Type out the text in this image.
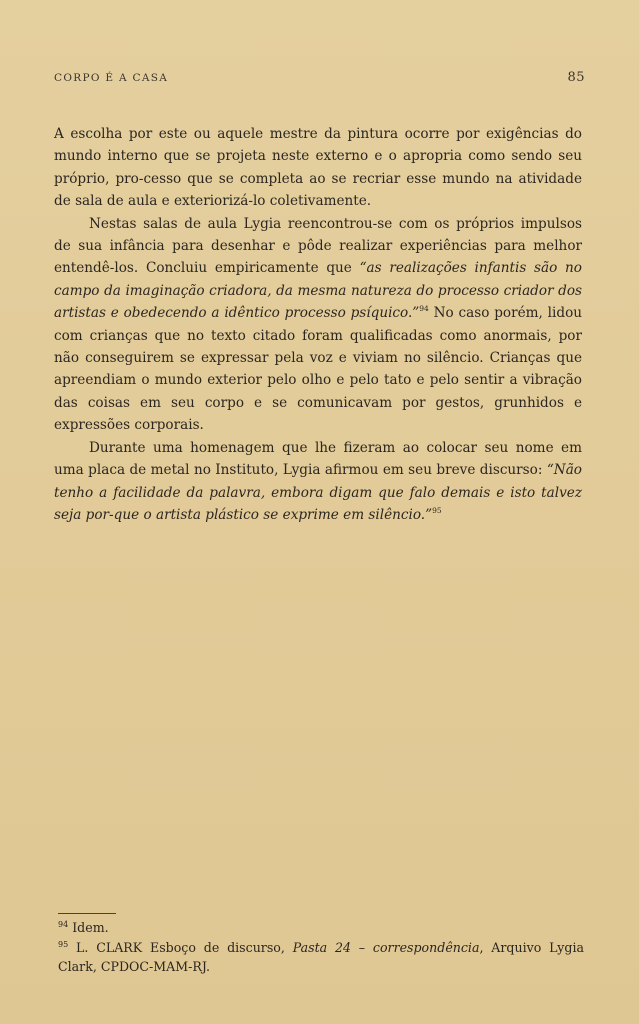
CORPO É A CASA	85

A escolha por este ou aquele mestre da pintura ocorre por exigências do mundo interno que se projeta neste externo e o apropria como sendo seu próprio, pro-cesso que se completa ao se recriar esse mundo na atividade de sala de aula e exteriorizá-lo coletivamente.

Nestas salas de aula Lygia reencontrou-se com os próprios impulsos de sua infância para desenhar e pôde realizar experiências para melhor entendê-los. Concluiu empiricamente que “as realizações infantis são no campo da imaginação criadora, da mesma natureza do processo criador dos artistas e obedecendo a idêntico processo psíquico.”$^{94}$ No caso porém, lidou com crianças que no texto citado foram qualificadas como anormais, por não conseguirem se expressar pela voz e viviam no silêncio. Crianças que apreendiam o mundo exterior pelo olho e pelo tato e pelo sentir a vibração das coisas em seu corpo e se comunicavam por gestos, grunhidos e expressões corporais.

Durante uma homenagem que lhe fizeram ao colocar seu nome em uma placa de metal no Instituto, Lygia afirmou em seu breve discurso: “Não tenho a facilidade da palavra, embora digam que falo demais e isto talvez seja por-que o artista plástico se exprime em silêncio.”$^{95}$

$^{94}$ Idem.

$^{95}$ L. CLARK Esboço de discurso, Pasta 24 – correspondência, Arquivo Lygia Clark, CPDOC-MAM-RJ.
